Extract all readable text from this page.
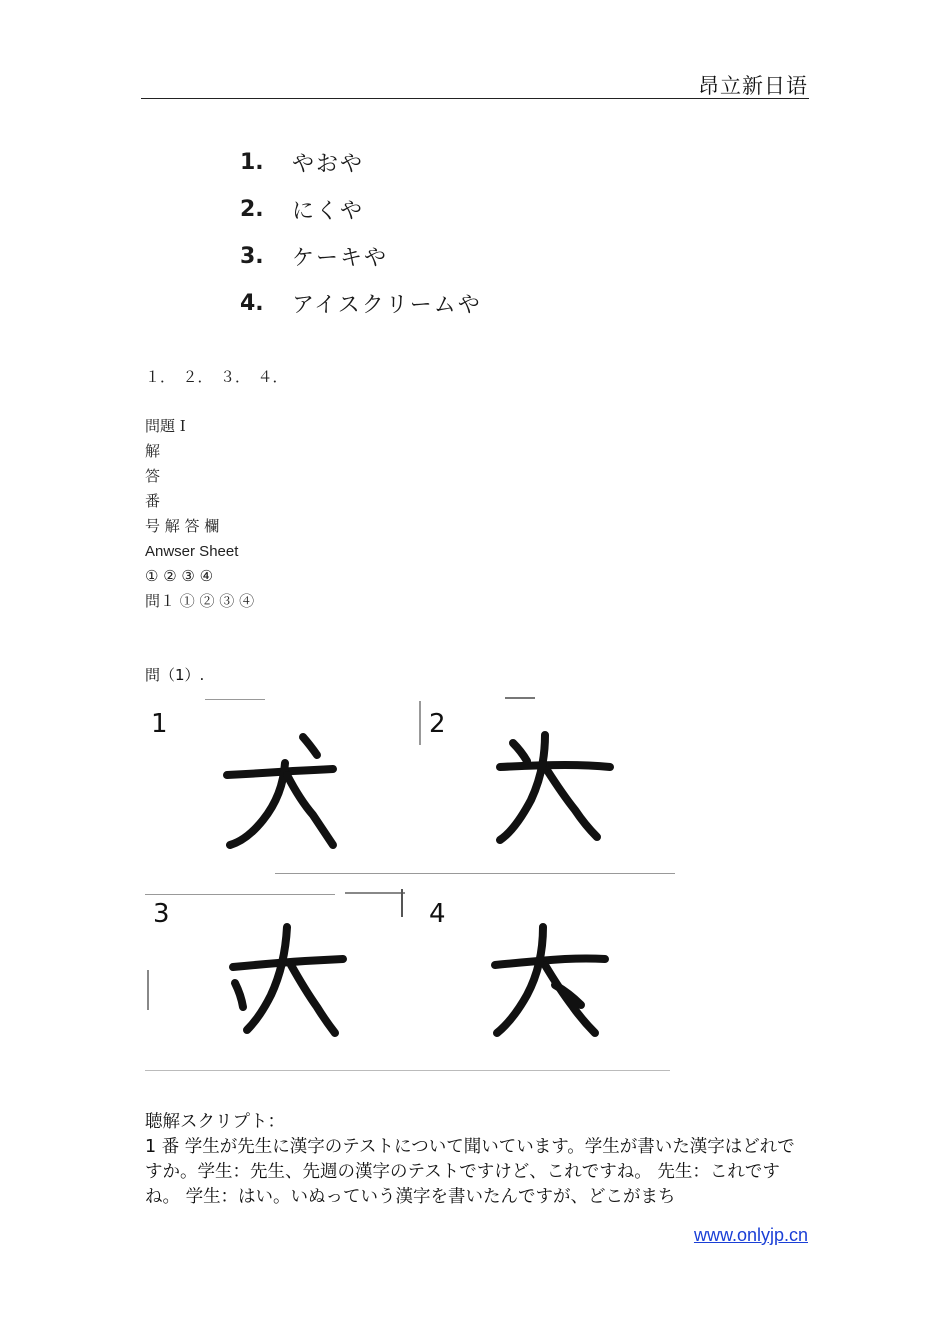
昂立新日语
1.	やおや
2.	にくや
3.	ケーキや
4.	アイスクリームや
１．　２．　３．　４．
問題 Ⅰ
解
答
番
号 解 答 欄
Anwser Sheet
① ② ③ ④
問１ ① ② ③ ④
問（1）.
1	2
3	4
聴解スクリプト：
1 番 学生が先生に漢字のテストについて聞いています。学生が書いた漢字はどれですか。学生：先生、先週の漢字のテストですけど、これですね。 先生：これですね。 学生：はい。いぬっていう漢字を書いたんですが、どこがまち
www.onlyjp.cn
